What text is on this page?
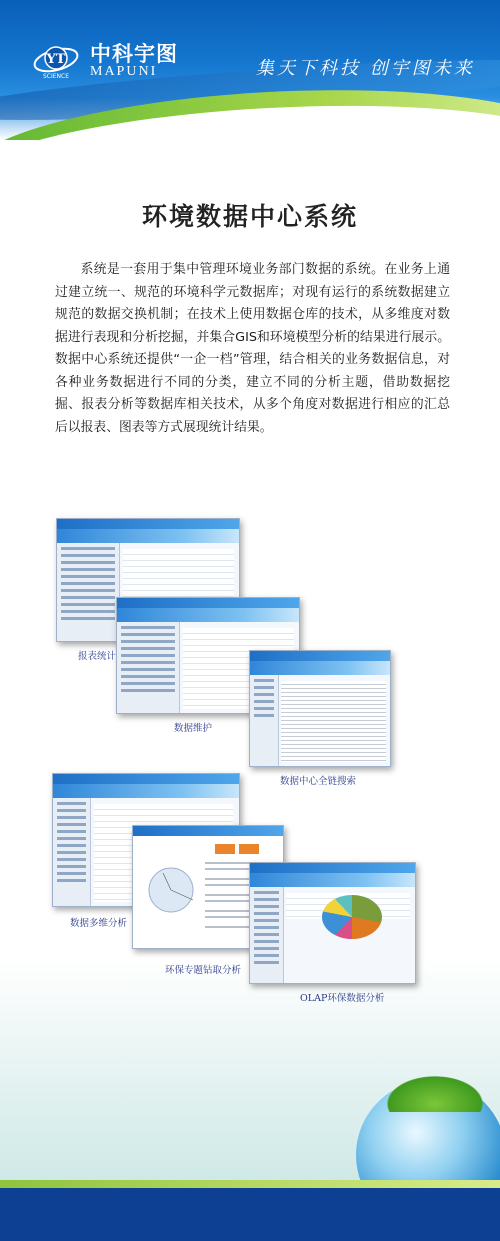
YT
SCIENCE
中科宇图
MAPUNI	集天下科技 创宇图未来
环境数据中心系统
系统是一套用于集中管理环境业务部门数据的系统。在业务上通过建立统一、规范的环境科学元数据库；对现有运行的系统数据建立规范的数据交换机制；在技术上使用数据仓库的技术，从多维度对数据进行表现和分析挖掘，并集合GIS和环境模型分析的结果进行展示。数据中心系统还提供“一企一档”管理，结合相关的业务数据信息，对各种业务数据进行不同的分类，建立不同的分析主题，借助数据挖掘、报表分析等数据库相关技术，从多个角度对数据进行相应的汇总后以报表、图表等方式展现统计结果。
报表统计
数据维护
数据中心全链搜索
数据多维分析
环保专题钻取分析
OLAP环保数据分析
